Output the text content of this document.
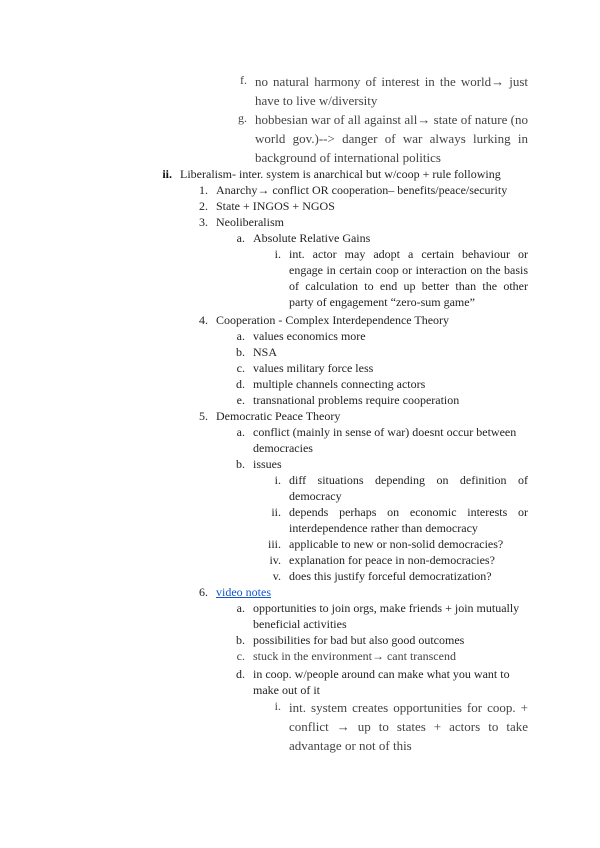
f. no natural harmony of interest in the world→ just have to live w/diversity
g. hobbesian war of all against all→ state of nature (no world gov.)--> danger of war always lurking in background of international politics
ii. Liberalism- inter. system is anarchical but w/coop + rule following
1. Anarchy→ conflict OR cooperation– benefits/peace/security
2. State + INGOS + NGOS
3. Neoliberalism
a. Absolute Relative Gains
i. int. actor may adopt a certain behaviour or engage in certain coop or interaction on the basis of calculation to end up better than the other party of engagement “zero-sum game”
4. Cooperation - Complex Interdependence Theory
a. values economics more
b. NSA
c. values military force less
d. multiple channels connecting actors
e. transnational problems require cooperation
5. Democratic Peace Theory
a. conflict (mainly in sense of war) doesnt occur between democracies
b. issues
i. diff situations depending on definition of democracy
ii. depends perhaps on economic interests or interdependence rather than democracy
iii. applicable to new or non-solid democracies?
iv. explanation for peace in non-democracies?
v. does this justify forceful democratization?
6. video notes
a. opportunities to join orgs, make friends + join mutually beneficial activities
b. possibilities for bad but also good outcomes
c. stuck in the environment→ cant transcend
d. in coop. w/people around can make what you want to make out of it
i. int. system creates opportunities for coop. + conflict → up to states + actors to take advantage or not of this
